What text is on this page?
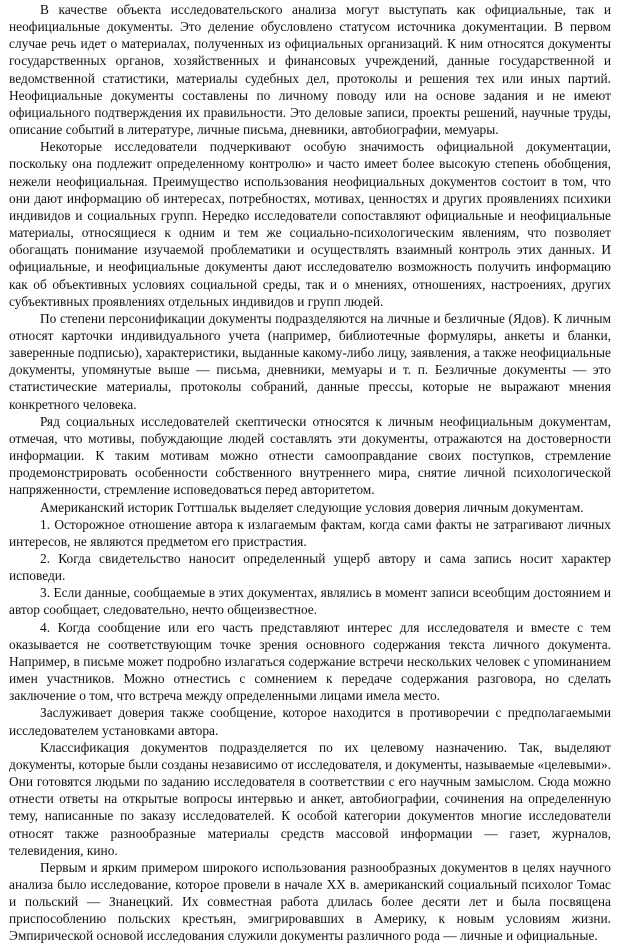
В качестве объекта исследовательского анализа могут выступать как официальные, так и неофициальные документы. Это деление обусловлено статусом источника документации. В первом случае речь идет о материалах, полученных из официальных организаций. К ним относятся документы государственных органов, хозяйственных и финансовых учреждений, данные государственной и ведомственной статистики, материалы судебных дел, протоколы и решения тех или иных партий. Неофициальные документы составлены по личному поводу или на основе задания и не имеют официального подтверждения их правильности. Это деловые записи, проекты решений, научные труды, описание событий в литературе, личные письма, дневники, автобиографии, мемуары.

Некоторые исследователи подчеркивают особую значимость официальной документации, поскольку она подлежит определенному контролю» и часто имеет более высокую степень обобщения, нежели неофициальная. Преимущество использования неофициальных документов состоит в том, что они дают информацию об интересах, потребностях, мотивах, ценностях и других проявлениях психики индивидов и социальных групп. Нередко исследователи сопоставляют официальные и неофициальные материалы, относящиеся к одним и тем же социально-психологическим явлениям, что позволяет обогащать понимание изучаемой проблематики и осуществлять взаимный контроль этих данных. И официальные, и неофициальные документы дают исследователю возможность получить информацию как об объективных условиях социальной среды, так и о мнениях, отношениях, настроениях, других субъективных проявлениях отдельных индивидов и групп людей.

По степени персонификации документы подразделяются на личные и безличные (Ядов). К личным относят карточки индивидуального учета (например, библиотечные формуляры, анкеты и бланки, заверенные подписью), характеристики, выданные какому-либо лицу, заявления, а также неофициальные документы, упомянутые выше — письма, дневники, мемуары и т. п. Безличные документы — это статистические материалы, протоколы собраний, данные прессы, которые не выражают мнения конкретного человека.

Ряд социальных исследователей скептически относятся к личным неофициальным документам, отмечая, что мотивы, побуждающие людей составлять эти документы, отражаются на достоверности информации. К таким мотивам можно отнести самооправдание своих поступков, стремление продемонстрировать особенности собственного внутреннего мира, снятие личной психологической напряженности, стремление исповедоваться перед авторитетом.

Американский историк Готтшальк выделяет следующие условия доверия личным документам.

1. Осторожное отношение автора к излагаемым фактам, когда сами факты не затрагивают личных интересов, не являются предметом его пристрастия.

2. Когда свидетельство наносит определенный ущерб автору и сама запись носит характер исповеди.

3. Если данные, сообщаемые в этих документах, являлись в момент записи всеобщим достоянием и автор сообщает, следовательно, нечто общеизвестное.

4. Когда сообщение или его часть представляют интерес для исследователя и вместе с тем оказывается не соответствующим точке зрения основного содержания текста личного документа. Например, в письме может подробно излагаться содержание встречи нескольких человек с упоминанием имен участников. Можно отнестись с сомнением к передаче содержания разговора, но сделать заключение о том, что встреча между определенными лицами имела место.

Заслуживает доверия также сообщение, которое находится в противоречии с предполагаемыми исследователем установками автора.

Классификация документов подразделяется по их целевому назначению. Так, выделяют документы, которые были созданы независимо от исследователя, и документы, называемые «целевыми». Они готовятся людьми по заданию исследователя в соответствии с его научным замыслом. Сюда можно отнести ответы на открытые вопросы интервью и анкет, автобиографии, сочинения на определенную тему, написанные по заказу исследователей. К особой категории документов многие исследователи относят также разнообразные материалы средств массовой информации — газет, журналов, телевидения, кино.

Первым и ярким примером широкого использования разнообразных документов в целях научного анализа было исследование, которое провели в начале XX в. американский социальный психолог Томас и польский — Знанецкий. Их совместная работа длилась более десяти лет и была посвящена приспособлению польских крестьян, эмигрировавших в Америку, к новым условиям жизни. Эмпирической основой исследования служили документы различного рода — личные и официальные.
